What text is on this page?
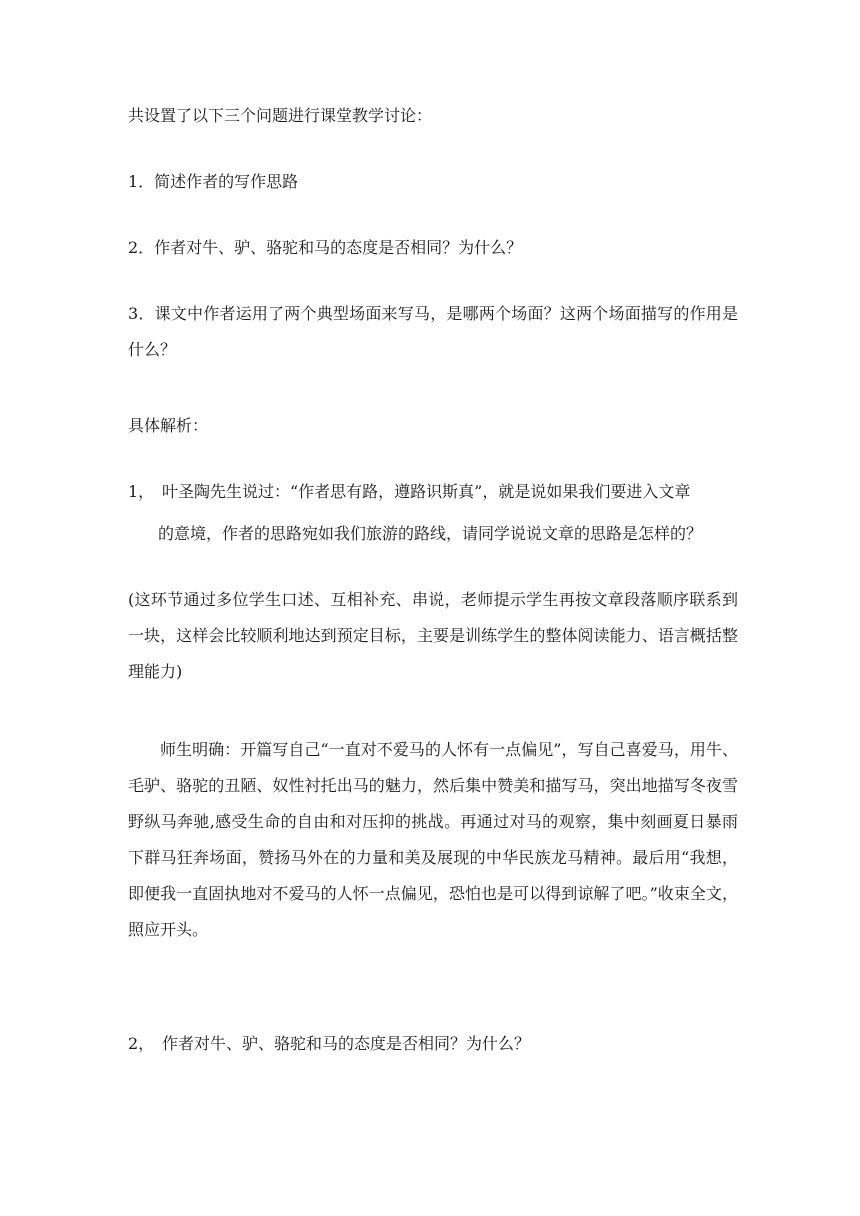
共设置了以下三个问题进行课堂教学讨论：
1．简述作者的写作思路
2．作者对牛、驴、骆驼和马的态度是否相同？为什么？
3．课文中作者运用了两个典型场面来写马，是哪两个场面？这两个场面描写的作用是什么？
具体解析：
1， 叶圣陶先生说过：“作者思有路，遵路识斯真”，就是说如果我们要进入文章
的意境，作者的思路宛如我们旅游的路线，请同学说说文章的思路是怎样的？
(这环节通过多位学生口述、互相补充、串说，老师提示学生再按文章段落顺序联系到一块，这样会比较顺利地达到预定目标，主要是训练学生的整体阅读能力、语言概括整理能力)
师生明确：开篇写自己“一直对不爱马的人怀有一点偏见”，写自己喜爱马，用牛、毛驴、骆驼的丑陋、奴性衬托出马的魅力，然后集中赞美和描写马，突出地描写冬夜雪野纵马奔驰,感受生命的自由和对压抑的挑战。再通过对马的观察，集中刻画夏日暴雨下群马狂奔场面，赞扬马外在的力量和美及展现的中华民族龙马精神。最后用“我想，即便我一直固执地对不爱马的人怀一点偏见，恐怕也是可以得到谅解了吧。”收束全文，照应开头。
2， 作者对牛、驴、骆驼和马的态度是否相同？为什么？
